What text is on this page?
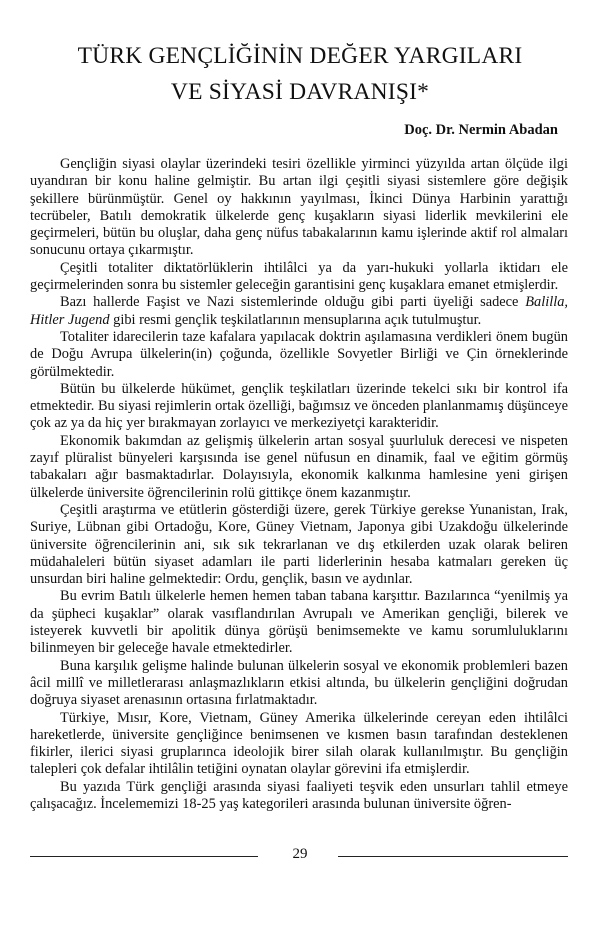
TÜRK GENÇLİĞİNİN DEĞER YARGILARI
VE SİYASİ DAVRANIŞI*

Doç. Dr. Nermin Abadan

Gençliğin siyasi olaylar üzerindeki tesiri özellikle yirminci yüzyılda artan ölçüde ilgi uyandıran bir konu haline gelmiştir. Bu artan ilgi çeşitli siyasi sistemlere göre değişik şekillere bürünmüştür. Genel oy hakkının yayılması, İkinci Dünya Harbinin yarattığı tecrübeler, Batılı demokratik ülkelerde genç kuşakların siyasi liderlik mevkilerini ele geçirmeleri, bütün bu oluşlar, daha genç nüfus tabakalarının kamu işlerinde aktif rol almaları sonucunu ortaya çıkarmıştır.

Çeşitli totaliter diktatörlüklerin ihtilâlci ya da yarı-hukuki yollarla iktidarı ele geçirmelerinden sonra bu sistemler geleceğin garantisini genç kuşaklara emanet etmişlerdir.

Bazı hallerde Faşist ve Nazi sistemlerinde olduğu gibi parti üyeliği sadece Balilla, Hitler Jugend gibi resmi gençlik teşkilatlarının mensuplarına açık tutulmuştur.

Totaliter idarecilerin taze kafalara yapılacak doktrin aşılamasına verdikleri önem bugün de Doğu Avrupa ülkelerin(in) çoğunda, özellikle Sovyetler Birliği ve Çin örneklerinde görülmektedir.

Bütün bu ülkelerde hükümet, gençlik teşkilatları üzerinde tekelci sıkı bir kontrol ifa etmektedir. Bu siyasi rejimlerin ortak özelliği, bağımsız ve önceden planlanmamış düşünceye çok az ya da hiç yer bırakmayan zorlayıcı ve merkeziyetçi karakteridir.

Ekonomik bakımdan az gelişmiş ülkelerin artan sosyal şuurluluk derecesi ve nispeten zayıf plüralist bünyeleri karşısında ise genel nüfusun en dinamik, faal ve eğitim görmüş tabakaları ağır basmaktadırlar. Dolayısıyla, ekonomik kalkınma hamlesine yeni girişen ülkelerde üniversite öğrencilerinin rolü gittikçe önem kazanmıştır.

Çeşitli araştırma ve etütlerin gösterdiği üzere, gerek Türkiye gerekse Yunanistan, Irak, Suriye, Lübnan gibi Ortadoğu, Kore, Güney Vietnam, Japonya gibi Uzakdoğu ülkelerinde üniversite öğrencilerinin ani, sık sık tekrarlanan ve dış etkilerden uzak olarak beliren müdahaleleri bütün siyaset adamları ile parti liderlerinin hesaba katmaları gereken üç unsurdan biri haline gelmektedir: Ordu, gençlik, basın ve aydınlar.

Bu evrim Batılı ülkelerle hemen hemen taban tabana karşıttır. Bazılarınca “yenilmiş ya da şüpheci kuşaklar” olarak vasıflandırılan Avrupalı ve Amerikan gençliği, bilerek ve isteyerek kuvvetli bir apolitik dünya görüşü benimsemekte ve kamu sorumluluklarını bilinmeyen bir geleceğe havale etmektedirler.

Buna karşılık gelişme halinde bulunan ülkelerin sosyal ve ekonomik problemleri bazen âcil millî ve milletlerarası anlaşmazlıkların etkisi altında, bu ülkelerin gençliğini doğrudan doğruya siyaset arenasının ortasına fırlatmaktadır.

Türkiye, Mısır, Kore, Vietnam, Güney Amerika ülkelerinde cereyan eden ihtilâlci hareketlerde, üniversite gençliğince benimsenen ve kısmen basın tarafından desteklenen fikirler, ilerici siyasi gruplarınca ideolojik birer silah olarak kullanılmıştır. Bu gençliğin talepleri çok defalar ihtilâlin tetiğini oynatan olaylar görevini ifa etmişlerdir.

Bu yazıda Türk gençliği arasında siyasi faaliyeti teşvik eden unsurları tahlil etmeye çalışacağız. İncelememizi 18-25 yaş kategorileri arasında bulunan üniversite öğren-

29
